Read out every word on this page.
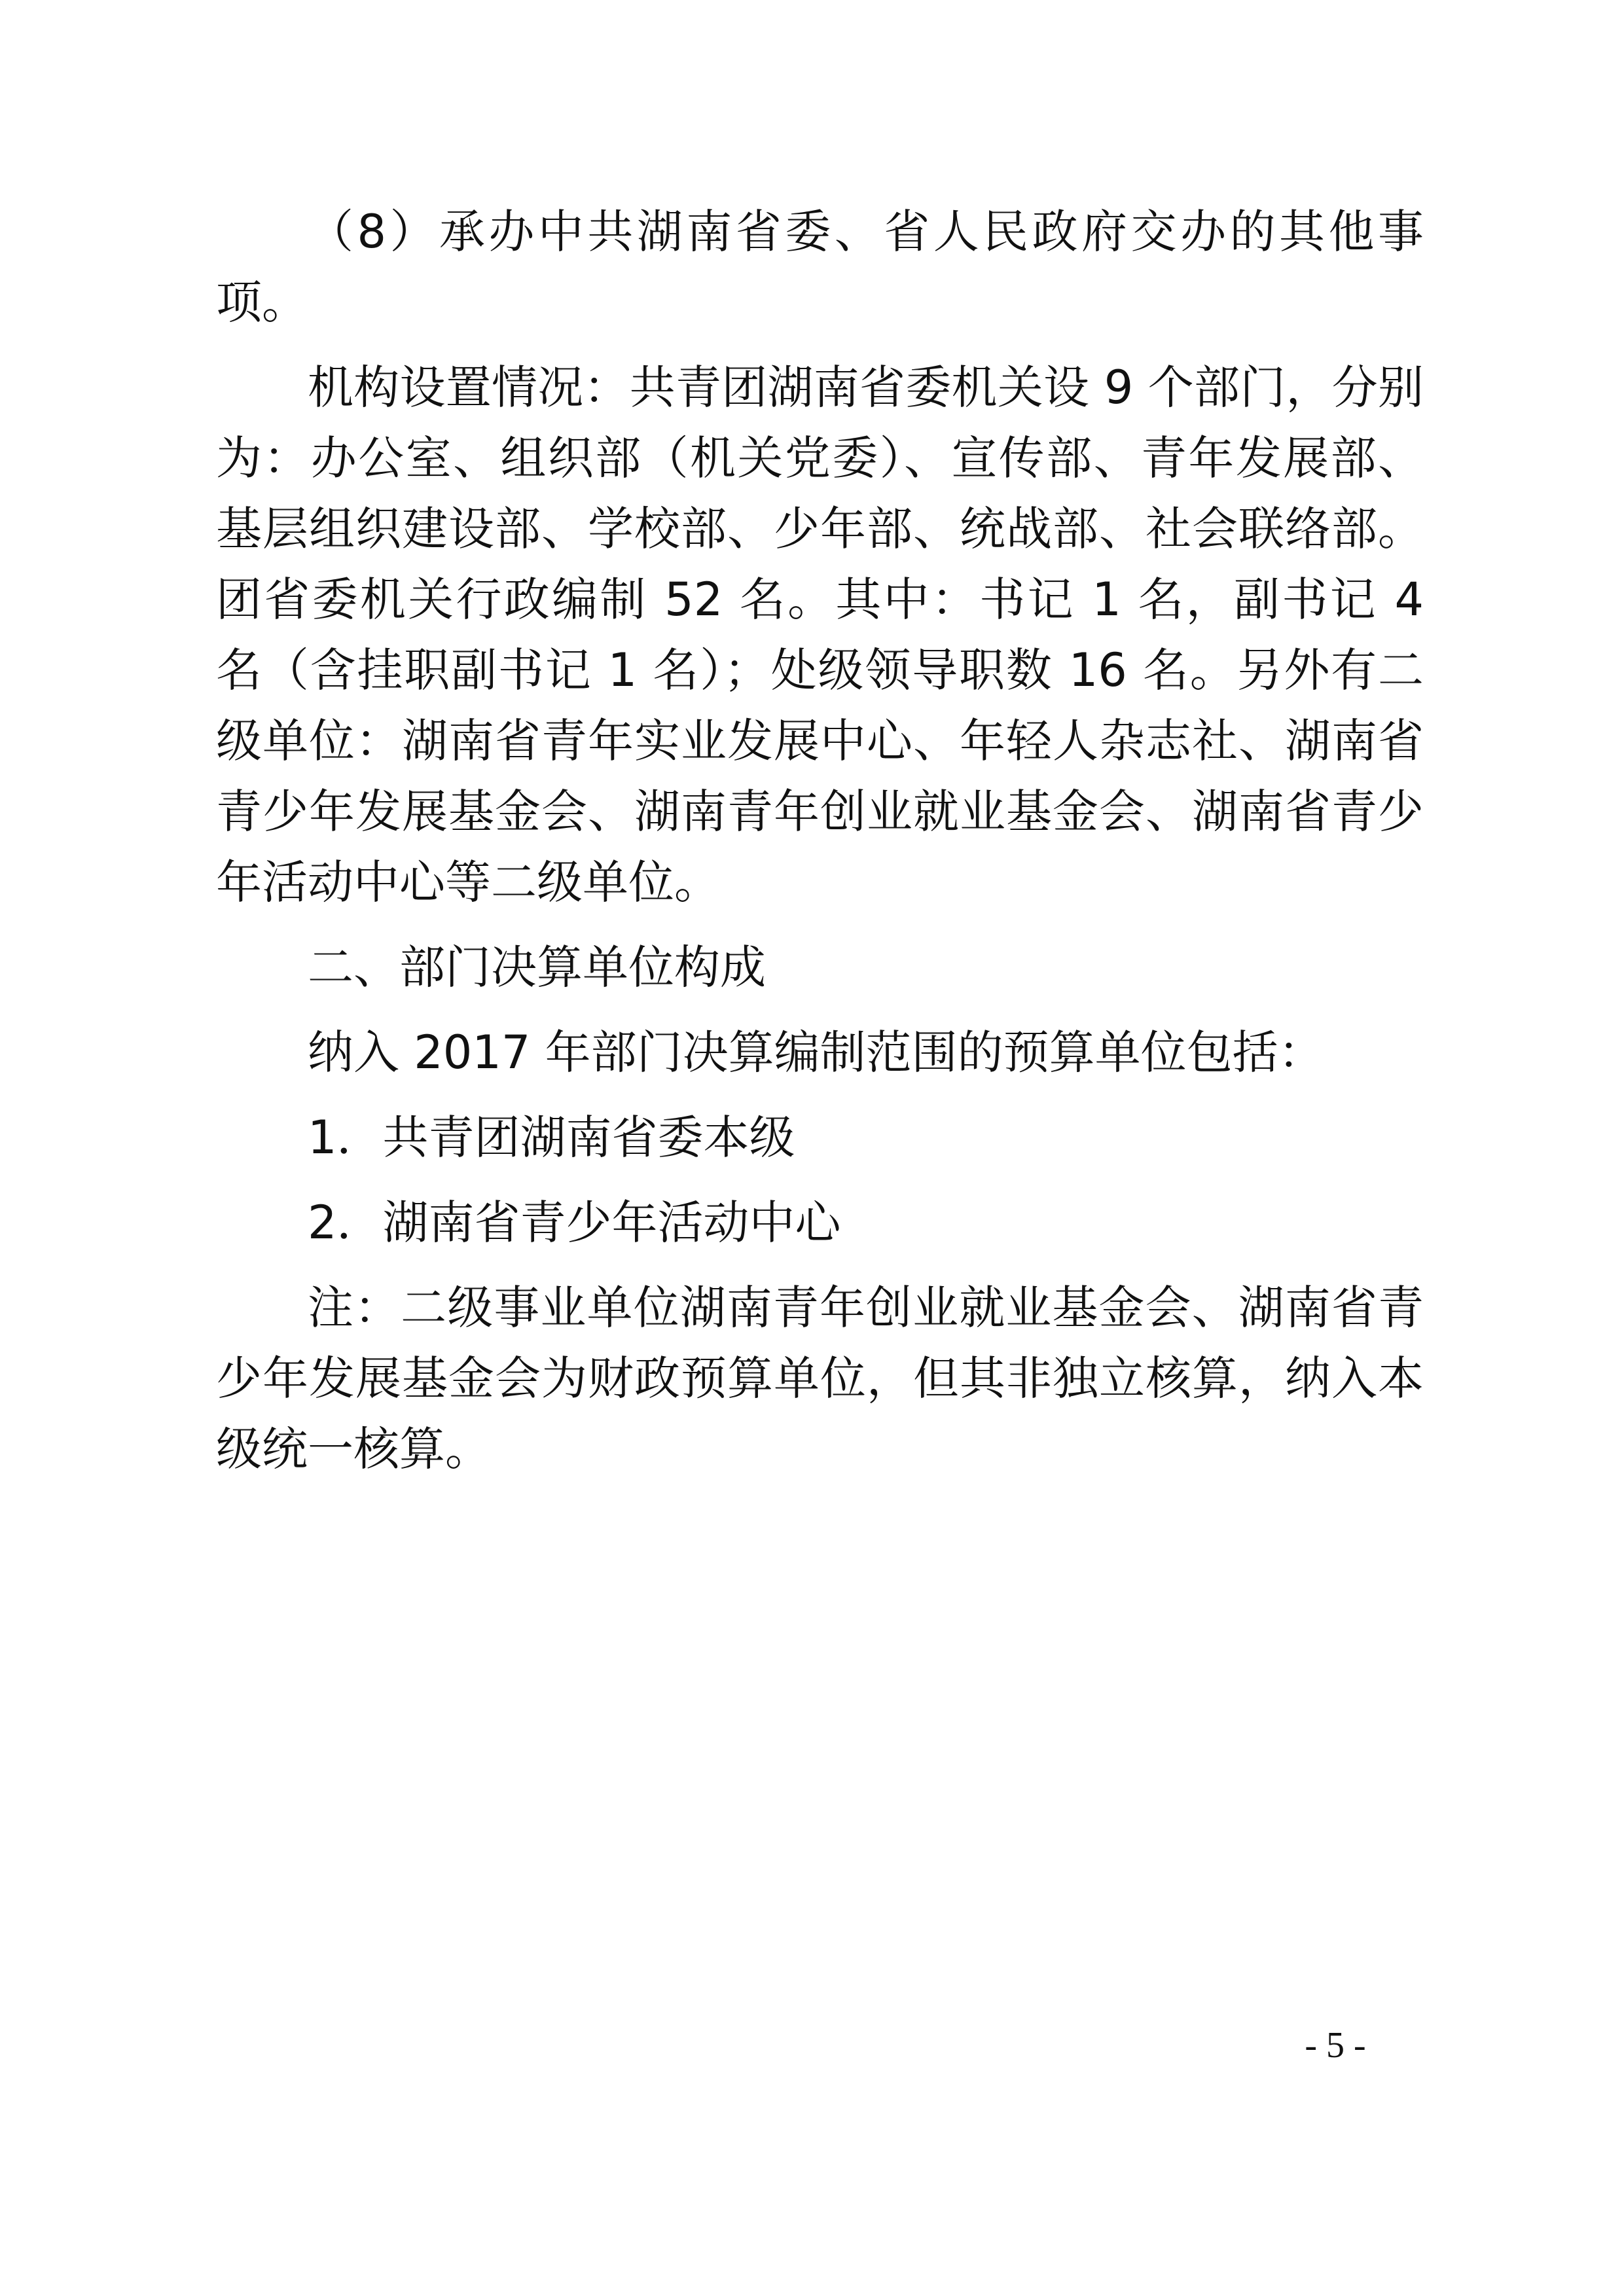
（8）承办中共湖南省委、省人民政府交办的其他事项。

机构设置情况：共青团湖南省委机关设 9 个部门，分别为：办公室、组织部（机关党委）、宣传部、青年发展部、基层组织建设部、学校部、少年部、统战部、社会联络部。团省委机关行政编制 52 名。其中：书记 1 名，副书记 4 名（含挂职副书记 1 名）；处级领导职数 16 名。另外有二级单位：湖南省青年实业发展中心、年轻人杂志社、湖南省青少年发展基金会、湖南青年创业就业基金会、湖南省青少年活动中心等二级单位。

二、部门决算单位构成

纳入 2017 年部门决算编制范围的预算单位包括：

1．共青团湖南省委本级

2．湖南省青少年活动中心

注：二级事业单位湖南青年创业就业基金会、湖南省青少年发展基金会为财政预算单位，但其非独立核算，纳入本级统一核算。

- 5 -
